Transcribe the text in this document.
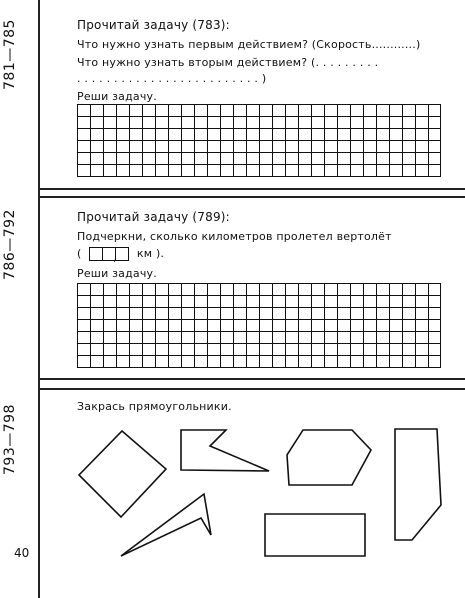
781—785	Прочитай задачу (783):
Что нужно узнать первым действием? (Скорость............)
Что нужно узнать вторым действием? (. . . . . . . . .
. . . . . . . . . . . . . . . . . . . . . . . . . )
Реши задачу.
786—792	Прочитай задачу (789):
Подчеркни, сколько километров пролетел вертолёт
(	, км ).
Реши задачу.
793—798	Закрась прямоугольники.
40
